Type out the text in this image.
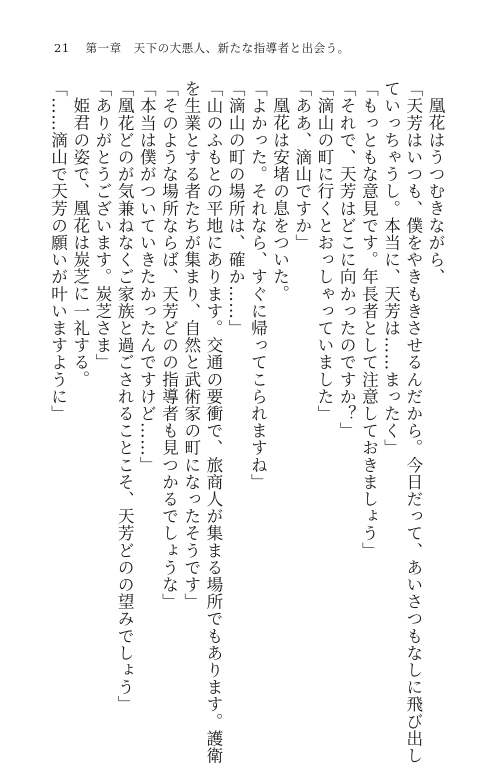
21 第一章　天下の大悪人、新たな指導者と出会う。
凰花はうつむきながら、
「天芳はいつも、僕をやきもきさせるんだから。今日だって、あいさつもなしに飛び出し
ていっちゃうし。本当に、天芳は……まったく」
「もっともな意見です。年長者として注意しておきましょう」
「それで、天芳はどこに向かったのですか？」
「滴山の町に行くとおっしゃっていました」
「ああ、滴山ですか」
凰花は安堵の息をついた。
「よかった。それなら、すぐに帰ってこられますね」
「滴山の町の場所は、確か……」
「山のふもとの平地にあります。交通の要衝で、旅商人が集まる場所でもあります。護衛
を生業とする者たちが集まり、自然と武術家の町になったそうです」
「そのような場所ならば、天芳どのの指導者も見つかるでしょうな」
「本当は僕がついていきたかったんですけど……」
「凰花どのが気兼ねなくご家族と過ごされることこそ、天芳どのの望みでしょう」
「ありがとうございます。炭芝さま」
姫君の姿で、凰花は炭芝に一礼する。
「……滴山で天芳の願いが叶いますように」
